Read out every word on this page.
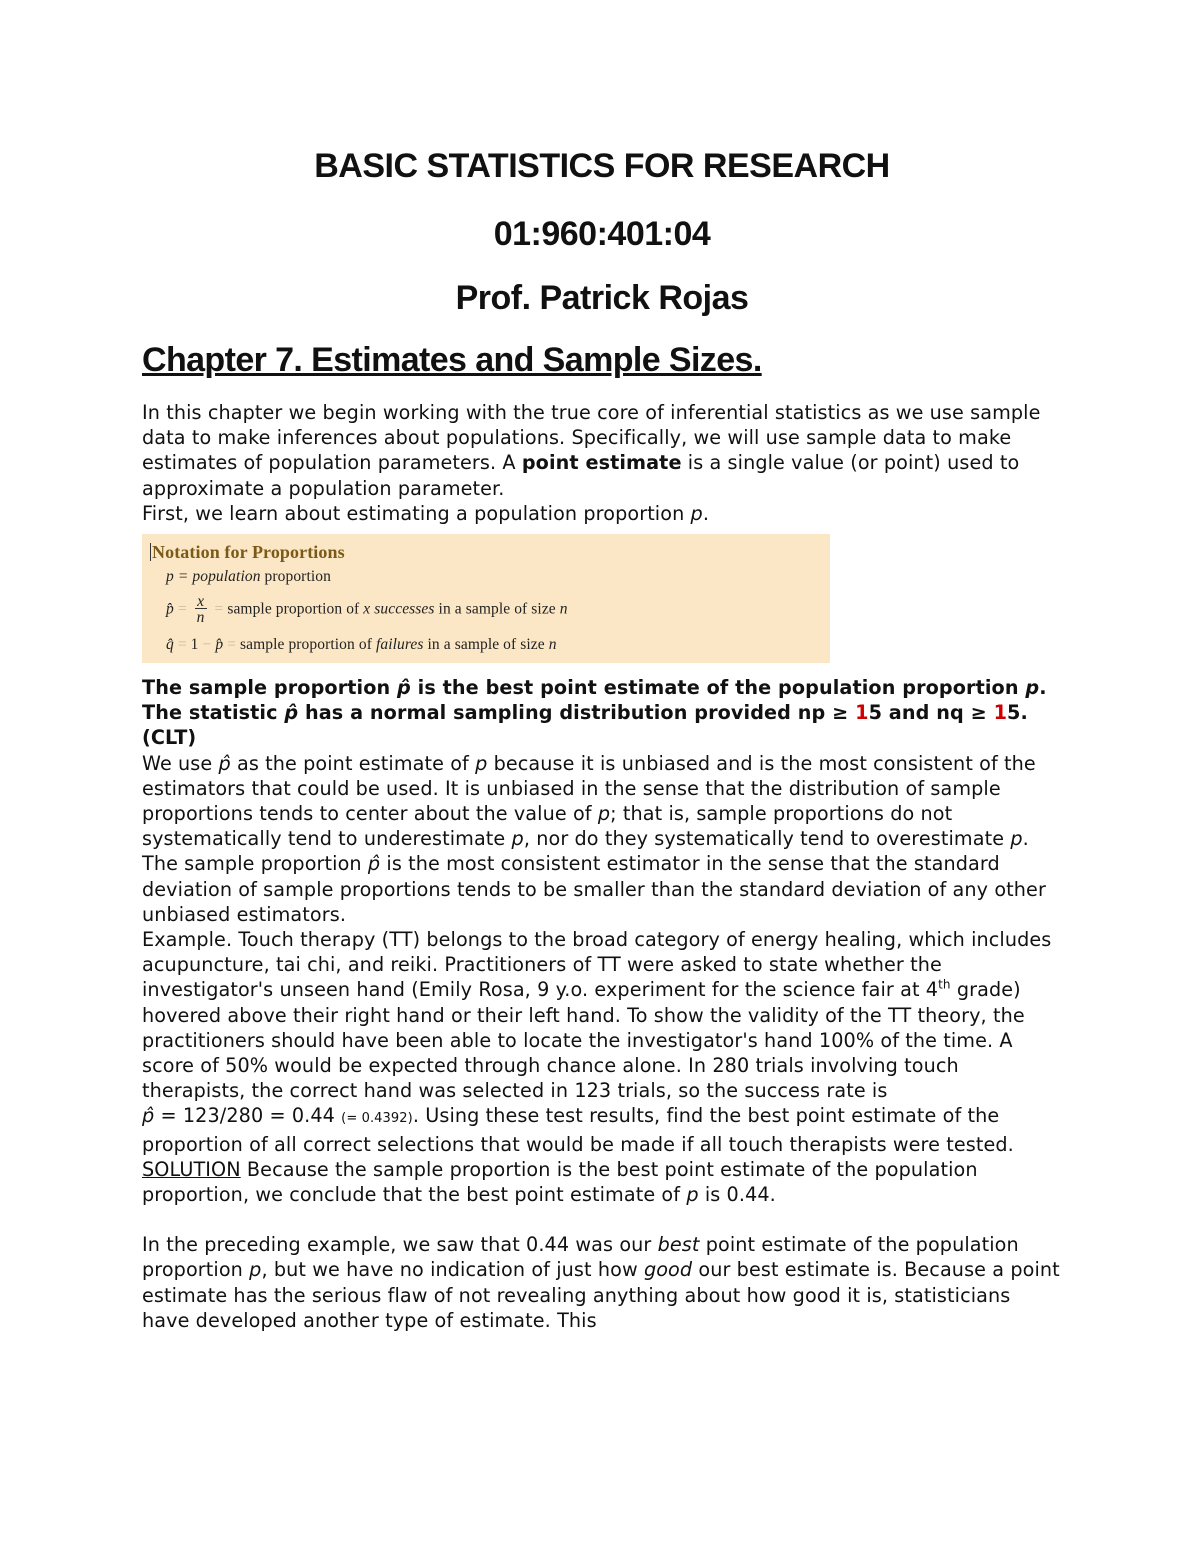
BASIC STATISTICS FOR RESEARCH
01:960:401:04
Prof. Patrick Rojas
Chapter 7. Estimates and Sample Sizes.

In this chapter we begin working with the true core of inferential statistics as we use sample data to make inferences about populations. Specifically, we will use sample data to make estimates of population parameters. A point estimate is a single value (or point) used to approximate a population parameter.
First, we learn about estimating a population proportion p.

Notation for Proportions
p = population proportion
p̂ = $\frac{x}{n}$ = sample proportion of x successes in a sample of size n
q̂ = 1 − p̂ = sample proportion of failures in a sample of size n

The sample proportion p̂ is the best point estimate of the population proportion p. The statistic p̂ has a normal sampling distribution provided np ≥ 15 and nq ≥ 15. (CLT)

We use p̂ as the point estimate of p because it is unbiased and is the most consistent of the estimators that could be used. It is unbiased in the sense that the distribution of sample proportions tends to center about the value of p; that is, sample proportions do not systematically tend to underestimate p, nor do they systematically tend to overestimate p. The sample proportion p̂ is the most consistent estimator in the sense that the standard deviation of sample proportions tends to be smaller than the standard deviation of any other unbiased estimators.

Example. Touch therapy (TT) belongs to the broad category of energy healing, which includes acupuncture, tai chi, and reiki. Practitioners of TT were asked to state whether the investigator's unseen hand (Emily Rosa, 9 y.o. experiment for the science fair at 4th grade) hovered above their right hand or their left hand. To show the validity of the TT theory, the practitioners should have been able to locate the investigator's hand 100% of the time. A score of 50% would be expected through chance alone. In 280 trials involving touch therapists, the correct hand was selected in 123 trials, so the success rate is
p̂ = 123/280 = 0.44 (= 0.4392). Using these test results, find the best point estimate of the proportion of all correct selections that would be made if all touch therapists were tested.

SOLUTION Because the sample proportion is the best point estimate of the population proportion, we conclude that the best point estimate of p is 0.44.

In the preceding example, we saw that 0.44 was our best point estimate of the population proportion p, but we have no indication of just how good our best estimate is. Because a point estimate has the serious flaw of not revealing anything about how good it is, statisticians have developed another type of estimate. This
